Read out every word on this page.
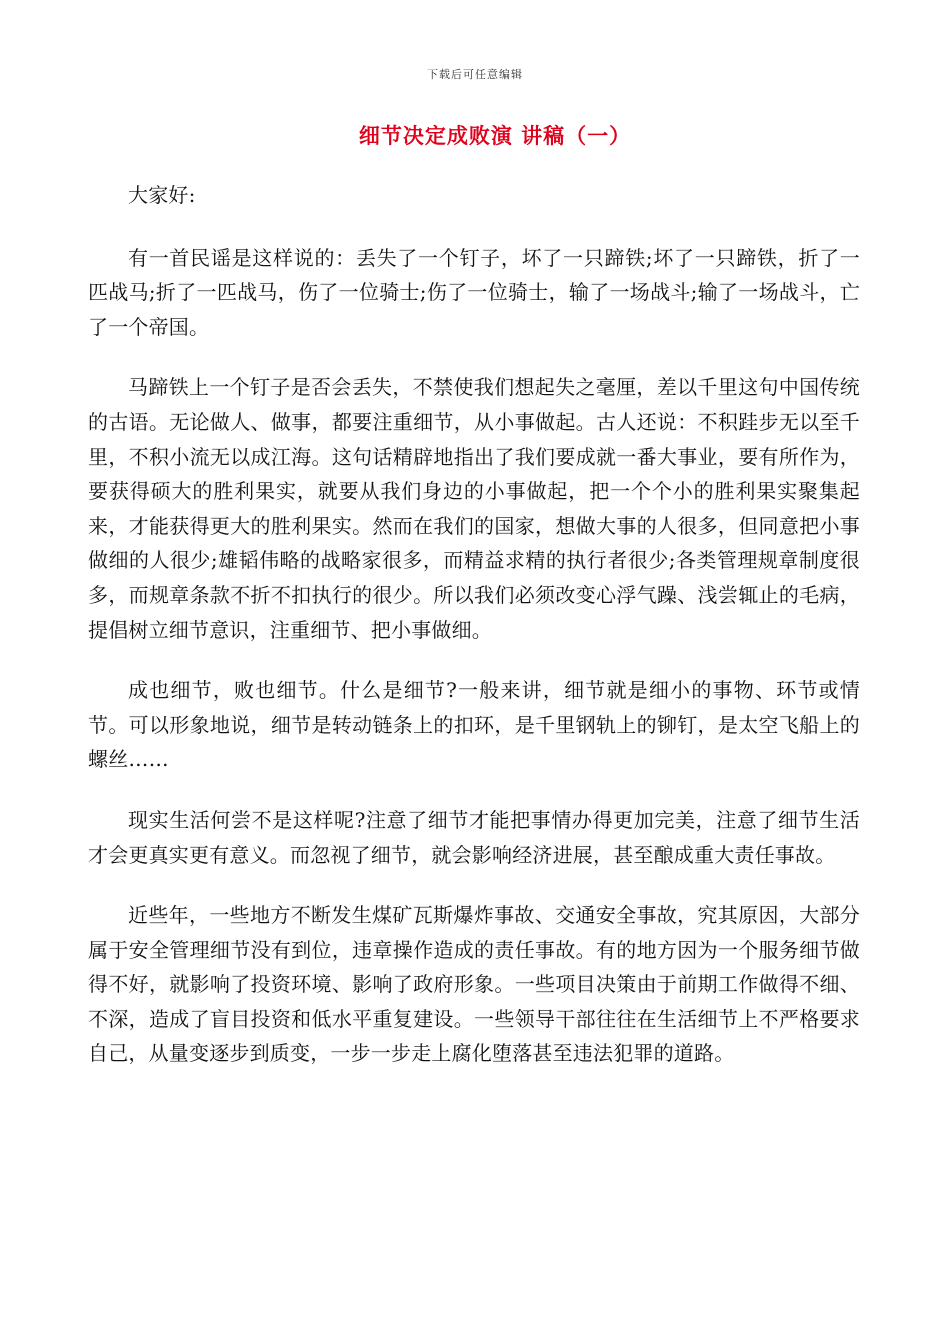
下载后可任意编辑
细节决定成败演 讲稿（一）

大家好:

有一首民谣是这样说的：丢失了一个钉子，坏了一只蹄铁;坏了一只蹄铁，折了一匹战马;折了一匹战马，伤了一位骑士;伤了一位骑士，输了一场战斗;输了一场战斗，亡了一个帝国。

马蹄铁上一个钉子是否会丢失，不禁使我们想起失之毫厘，差以千里这句中国传统的古语。无论做人、做事，都要注重细节，从小事做起。古人还说：不积跬步无以至千里，不积小流无以成江海。这句话精辟地指出了我们要成就一番大事业，要有所作为，要获得硕大的胜利果实，就要从我们身边的小事做起，把一个个小的胜利果实聚集起来，才能获得更大的胜利果实。然而在我们的国家，想做大事的人很多，但同意把小事做细的人很少;雄韬伟略的战略家很多，而精益求精的执行者很少;各类管理规章制度很多，而规章条款不折不扣执行的很少。所以我们必须改变心浮气躁、浅尝辄止的毛病，提倡树立细节意识，注重细节、把小事做细。

成也细节，败也细节。什么是细节?一般来讲，细节就是细小的事物、环节或情节。可以形象地说，细节是转动链条上的扣环，是千里钢轨上的铆钉，是太空飞船上的螺丝……

现实生活何尝不是这样呢?注意了细节才能把事情办得更加完美，注意了细节生活才会更真实更有意义。而忽视了细节，就会影响经济进展，甚至酿成重大责任事故。

近些年，一些地方不断发生煤矿瓦斯爆炸事故、交通安全事故，究其原因，大部分属于安全管理细节没有到位，违章操作造成的责任事故。有的地方因为一个服务细节做得不好，就影响了投资环境、影响了政府形象。一些项目决策由于前期工作做得不细、不深，造成了盲目投资和低水平重复建设。一些领导干部往往在生活细节上不严格要求自己，从量变逐步到质变，一步一步走上腐化堕落甚至违法犯罪的道路。
